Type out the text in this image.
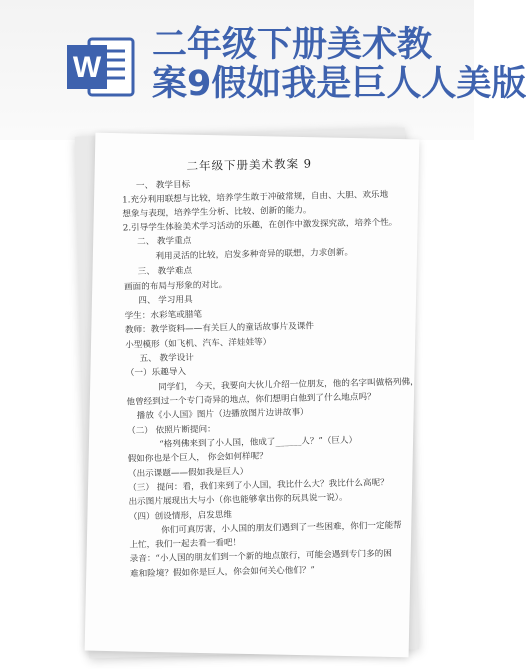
W
二年级下册美术教
案9假如我是巨人人美版
二年级下册美术教案 9
一、 教学目标
1.充分利用联想与比较，培养学生敢于冲破常规，自由、大胆、欢乐地
想象与表现，培养学生分析、比较、创新的能力。
2.引导学生体验美术学习活动的乐趣，在创作中激发探究欲，培养个性。
二、 教学重点
利用灵活的比较，启发多种奇异的联想，力求创新。
三、 教学难点
画面的布局与形象的对比。
四、 学习用具
学生：水彩笔或腊笔
教师：教学资料——有关巨人的童话故事片及课件
小型模形（如飞机、汽车、洋娃娃等）
五、 教学设计
（一）乐趣导入
同学们， 今天，我要向大伙儿介绍一位朋友，他的名字叫做格列佛，
他曾经到过一个专门奇异的地点，你们想明白他到了什么地点吗？
播放《小人国》图片（边播放图片边讲故事）
（二） 依照片断提问：
“格列佛来到了小人国，他成了______人？”（巨人）
假如你也是个巨人， 你会如何样呢？
（出示课题——假如我是巨人）
（三） 提问：看，我们来到了小人国，我比什么大？我比什么高呢？
出示图片展现出大与小（你也能够拿出你的玩具说一说）。
（四）创设情形，启发思维
你们可真厉害，小人国的朋友们遇到了一些困难，你们一定能帮
上忙，我们一起去看一看吧！
录音：“小人国的朋友们到一个新的地点旅行，可能会遇到专门多的困
难和险境？假如你是巨人，你会如何关心他们？”
